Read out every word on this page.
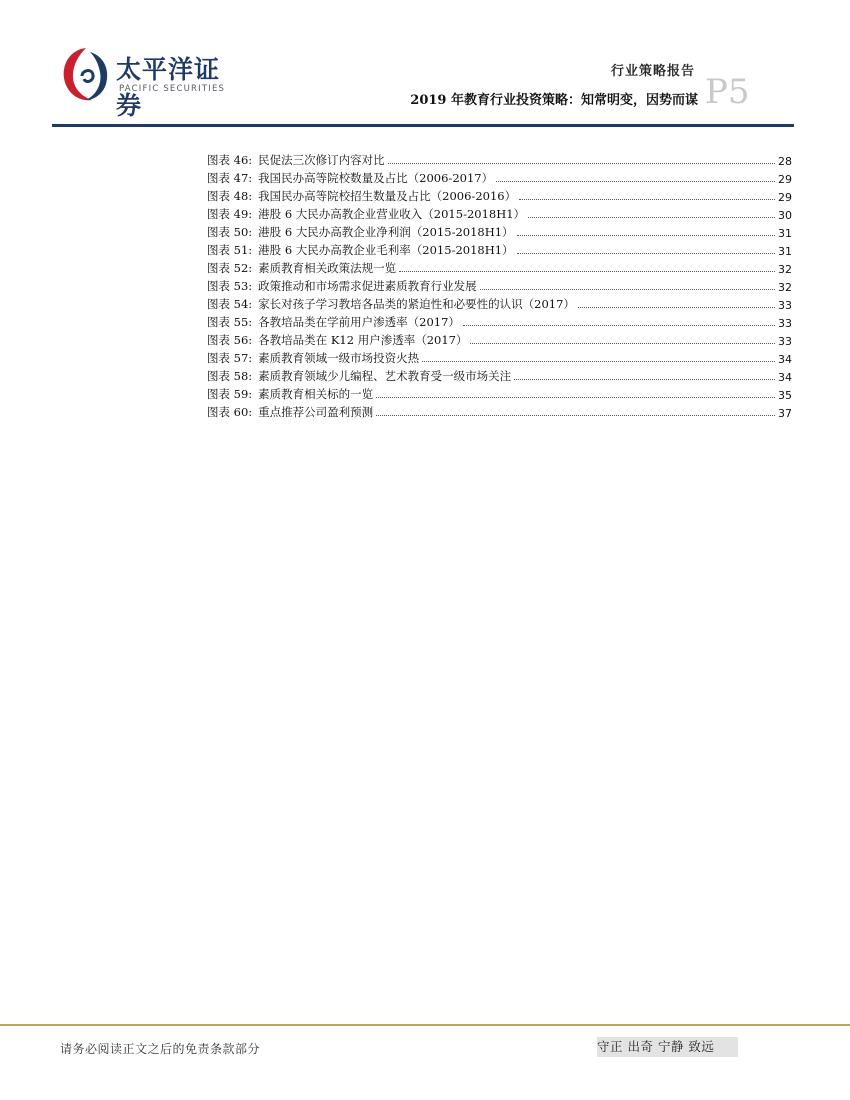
太平洋证券
PACIFIC SECURITIES
行业策略报告
2019 年教育行业投资策略：知常明变，因势而谋 P5
图表 46: 民促法三次修订内容对比	28
图表 47: 我国民办高等院校数量及占比（2006-2017）	29
图表 48: 我国民办高等院校招生数量及占比（2006-2016）	29
图表 49: 港股 6 大民办高教企业营业收入（2015-2018H1）	30
图表 50: 港股 6 大民办高教企业净利润（2015-2018H1）	31
图表 51: 港股 6 大民办高教企业毛利率（2015-2018H1）	31
图表 52: 素质教育相关政策法规一览	32
图表 53: 政策推动和市场需求促进素质教育行业发展	32
图表 54: 家长对孩子学习教培各品类的紧迫性和必要性的认识（2017）	33
图表 55: 各教培品类在学前用户渗透率（2017）	33
图表 56: 各教培品类在 K12 用户渗透率（2017）	33
图表 57: 素质教育领域一级市场投资火热	34
图表 58: 素质教育领域少儿编程、艺术教育受一级市场关注	34
图表 59: 素质教育相关标的一览	35
图表 60: 重点推荐公司盈利预测	37
请务必阅读正文之后的免责条款部分	守正 出奇 宁静 致远
